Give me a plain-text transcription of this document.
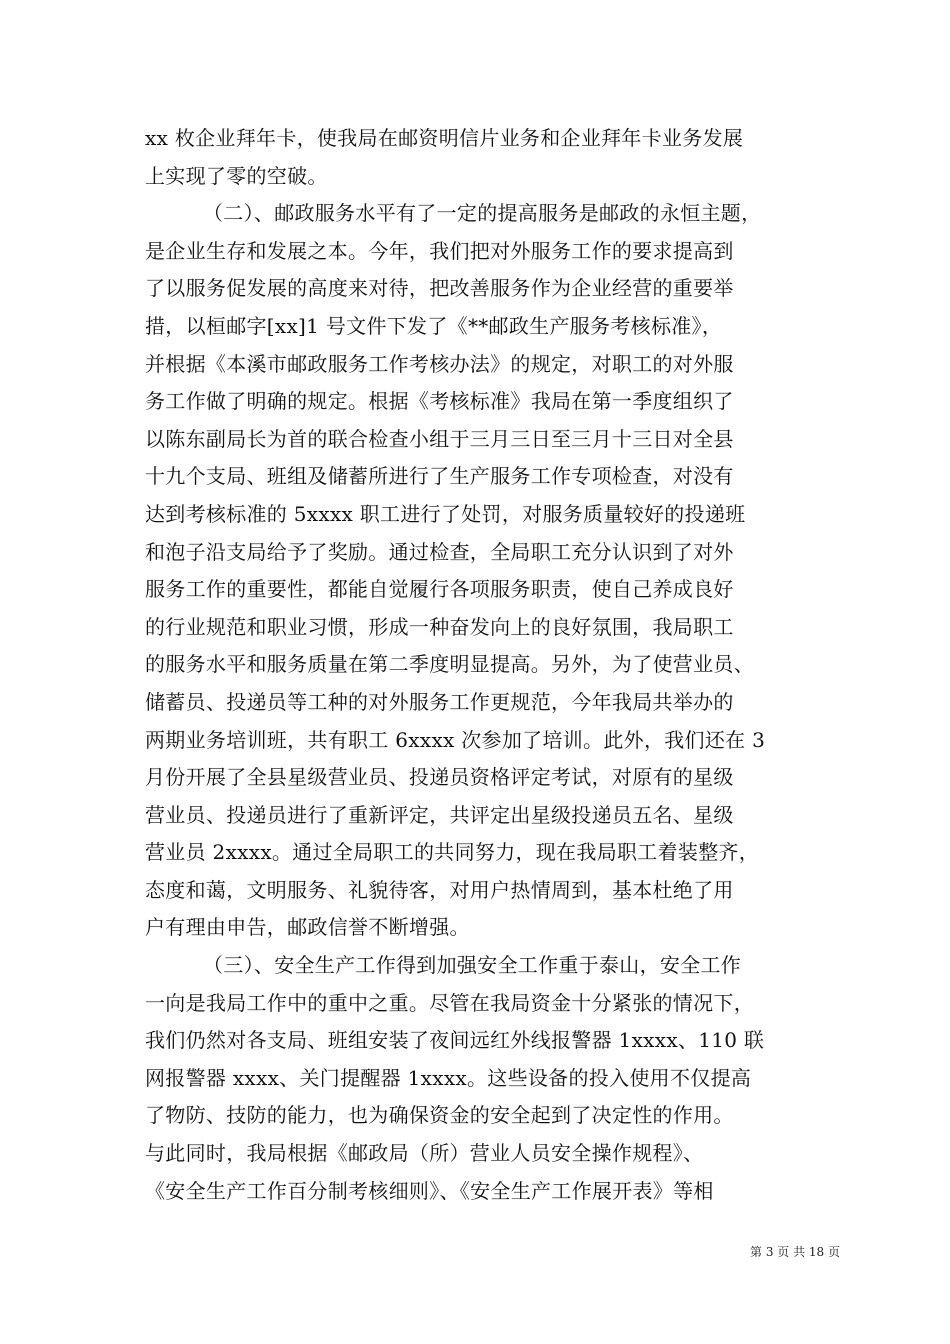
xx 枚企业拜年卡，使我局在邮资明信片业务和企业拜年卡业务发展
上实现了零的空破。
（二）、邮政服务水平有了一定的提高服务是邮政的永恒主题，
是企业生存和发展之本。今年，我们把对外服务工作的要求提高到
了以服务促发展的高度来对待，把改善服务作为企业经营的重要举
措，以桓邮字[xx]1 号文件下发了《**邮政生产服务考核标准》，
并根据《本溪市邮政服务工作考核办法》的规定，对职工的对外服
务工作做了明确的规定。根据《考核标准》我局在第一季度组织了
以陈东副局长为首的联合检查小组于三月三日至三月十三日对全县
十九个支局、班组及储蓄所进行了生产服务工作专项检查，对没有
达到考核标准的 5xxxx 职工进行了处罚，对服务质量较好的投递班
和泡子沿支局给予了奖励。通过检查，全局职工充分认识到了对外
服务工作的重要性，都能自觉履行各项服务职责，使自己养成良好
的行业规范和职业习惯，形成一种奋发向上的良好氛围，我局职工
的服务水平和服务质量在第二季度明显提高。另外，为了使营业员、
储蓄员、投递员等工种的对外服务工作更规范，今年我局共举办的
两期业务培训班，共有职工 6xxxx 次参加了培训。此外，我们还在 3
月份开展了全县星级营业员、投递员资格评定考试，对原有的星级
营业员、投递员进行了重新评定，共评定出星级投递员五名、星级
营业员 2xxxx。通过全局职工的共同努力，现在我局职工着装整齐，
态度和蔼，文明服务、礼貌待客，对用户热情周到，基本杜绝了用
户有理由申告，邮政信誉不断增强。
（三）、安全生产工作得到加强安全工作重于泰山，安全工作
一向是我局工作中的重中之重。尽管在我局资金十分紧张的情况下，
我们仍然对各支局、班组安装了夜间远红外线报警器 1xxxx、110 联
网报警器 xxxx、关门提醒器 1xxxx。这些设备的投入使用不仅提高
了物防、技防的能力，也为确保资金的安全起到了决定性的作用。
与此同时，我局根据《邮政局（所）营业人员安全操作规程》、
《安全生产工作百分制考核细则》、《安全生产工作展开表》等相
第 3 页 共 18 页
